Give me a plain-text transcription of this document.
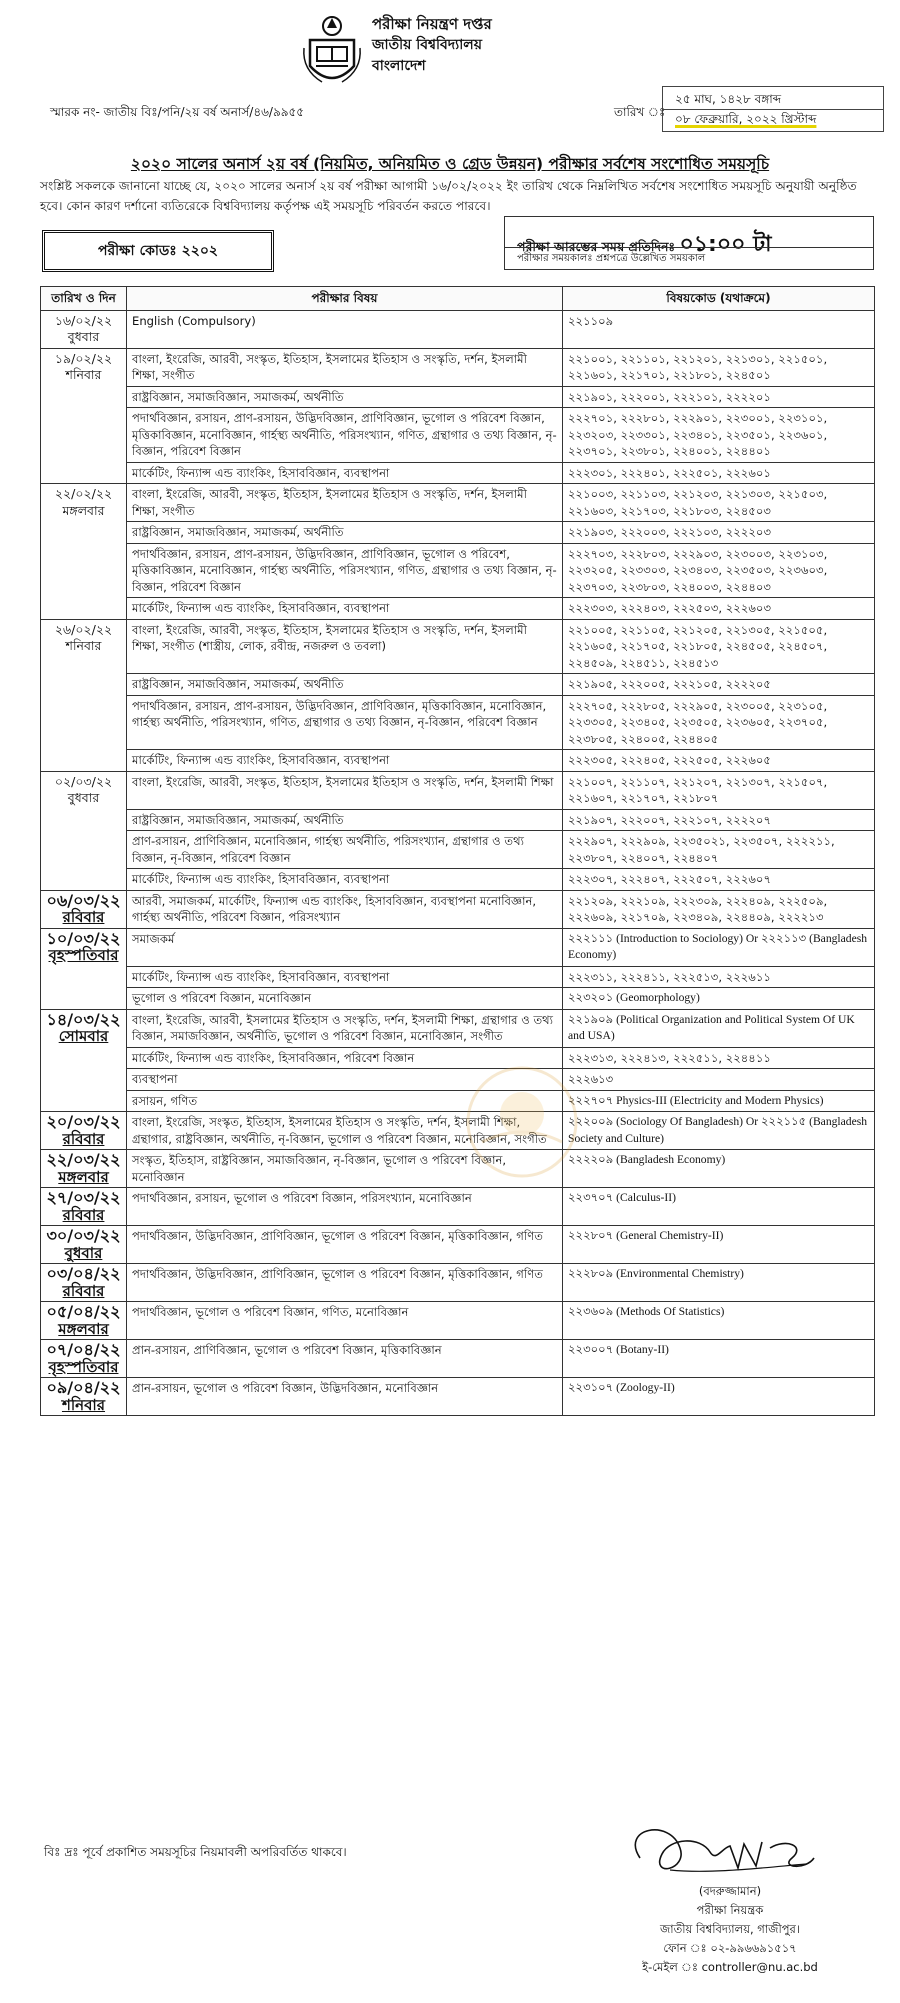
পরীক্ষা নিয়ন্ত্রণ দপ্তর
জাতীয় বিশ্ববিদ্যালয়
বাংলাদেশ
স্মারক নং- জাতীয় বিঃ/পনি/২য় বর্ষ অনার্স/৪৬/৯৯৫৫	তারিখ ঃ
২৫ মাঘ, ১৪২৮ বঙ্গাব্দ
০৮ ফেব্রুয়ারি, ২০২২ খ্রিস্টাব্দ
২০২০ সালের অনার্স ২য় বর্ষ (নিয়মিত, অনিয়মিত ও গ্রেড উন্নয়ন) পরীক্ষার সর্বশেষ সংশোধিত সময়সূচি
সংশ্লিষ্ট সকলকে জানানো যাচ্ছে যে, ২০২০ সালের অনার্স ২য় বর্ষ পরীক্ষা আগামী ১৬/০২/২০২২ ইং তারিখ থেকে নিম্নলিখিত সর্বশেষ সংশোধিত সময়সূচি অনুযায়ী অনুষ্ঠিত হবে। কোন কারণ দর্শানো ব্যতিরেকে বিশ্ববিদ্যালয় কর্তৃপক্ষ এই সময়সূচি পরিবর্তন করতে পারবে।
পরীক্ষা কোডঃ ২২০২	পরীক্ষা আরম্ভের সময় প্রতিদিনঃ ০১:০০ টা
পরীক্ষার সময়কালঃ প্রশ্নপত্রে উল্লেখিত সময়কাল
তারিখ ও দিন	পরীক্ষার বিষয়	বিষয়কোড (যথাক্রমে)

১৬/০২/২২
বুধবার	English (Compulsory)	২২১১০৯

১৯/০২/২২
শনিবার	বাংলা, ইংরেজি, আরবী, সংস্কৃত, ইতিহাস, ইসলামের ইতিহাস ও সংস্কৃতি, দর্শন, ইসলামী শিক্ষা, সংগীত	২২১০০১, ২২১১০১, ২২১২০১, ২২১৩০১, ২২১৫০১, ২২১৬০১, ২২১৭০১, ২২১৮০১, ২২৪৫০১
	রাষ্ট্রবিজ্ঞান, সমাজবিজ্ঞান, সমাজকর্ম, অর্থনীতি	২২১৯০১, ২২২০০১, ২২২১০১, ২২২২০১
	পদার্থবিজ্ঞান, রসায়ন, প্রাণ-রসায়ন, উদ্ভিদবিজ্ঞান, প্রাণিবিজ্ঞান, ভূগোল ও পরিবেশ বিজ্ঞান, মৃত্তিকাবিজ্ঞান, মনোবিজ্ঞান, গার্হস্থ্য অর্থনীতি, পরিসংখ্যান, গণিত, গ্রন্থাগার ও তথ্য বিজ্ঞান, নৃ-বিজ্ঞান, পরিবেশ বিজ্ঞান	২২২৭০১, ২২২৮০১, ২২২৯০১, ২২৩০০১, ২২৩১০১, ২২৩২০৩, ২২৩৩০১, ২২৩৪০১, ২২৩৫০১, ২২৩৬০১, ২২৩৭০১, ২২৩৮০১, ২২৪০০১, ২২৪৪০১
	মার্কেটিং, ফিন্যান্স এন্ড ব্যাংকিং, হিসাববিজ্ঞান, ব্যবস্থাপনা	২২২৩০১, ২২২৪০১, ২২২৫০১, ২২২৬০১

২২/০২/২২
মঙ্গলবার	বাংলা, ইংরেজি, আরবী, সংস্কৃত, ইতিহাস, ইসলামের ইতিহাস ও সংস্কৃতি, দর্শন, ইসলামী শিক্ষা, সংগীত	২২১০০৩, ২২১১০৩, ২২১২০৩, ২২১৩০৩, ২২১৫০৩, ২২১৬০৩, ২২১৭০৩, ২২১৮০৩, ২২৪৫০৩
	রাষ্ট্রবিজ্ঞান, সমাজবিজ্ঞান, সমাজকর্ম, অর্থনীতি	২২১৯০৩, ২২২০০৩, ২২২১০৩, ২২২২০৩
	পদার্থবিজ্ঞান, রসায়ন, প্রাণ-রসায়ন, উদ্ভিদবিজ্ঞান, প্রাণিবিজ্ঞান, ভূগোল ও পরিবেশ, মৃত্তিকাবিজ্ঞান, মনোবিজ্ঞান, গার্হস্থ্য অর্থনীতি, পরিসংখ্যান, গণিত, গ্রন্থাগার ও তথ্য বিজ্ঞান, নৃ-বিজ্ঞান, পরিবেশ বিজ্ঞান	২২২৭০৩, ২২২৮০৩, ২২২৯০৩, ২২৩০০৩, ২২৩১০৩, ২২৩২০৫, ২২৩৩০৩, ২২৩৪০৩, ২২৩৫০৩, ২২৩৬০৩, ২২৩৭০৩, ২২৩৮০৩, ২২৪০০৩, ২২৪৪০৩
	মার্কেটিং, ফিন্যান্স এন্ড ব্যাংকিং, হিসাববিজ্ঞান, ব্যবস্থাপনা	২২২৩০৩, ২২২৪০৩, ২২২৫০৩, ২২২৬০৩

২৬/০২/২২
শনিবার	বাংলা, ইংরেজি, আরবী, সংস্কৃত, ইতিহাস, ইসলামের ইতিহাস ও সংস্কৃতি, দর্শন, ইসলামী শিক্ষা, সংগীত (শাস্ত্রীয়, লোক, রবীন্দ্র, নজরুল ও তবলা)	২২১০০৫, ২২১১০৫, ২২১২০৫, ২২১৩০৫, ২২১৫০৫, ২২১৬০৫, ২২১৭০৫, ২২১৮০৫, ২২৪৫০৫, ২২৪৫০৭, ২২৪৫০৯, ২২৪৫১১, ২২৪৫১৩
	রাষ্ট্রবিজ্ঞান, সমাজবিজ্ঞান, সমাজকর্ম, অর্থনীতি	২২১৯০৫, ২২২০০৫, ২২২১০৫, ২২২২০৫
	পদার্থবিজ্ঞান, রসায়ন, প্রাণ-রসায়ন, উদ্ভিদবিজ্ঞান, প্রাণিবিজ্ঞান, মৃত্তিকাবিজ্ঞান, মনোবিজ্ঞান, গার্হস্থ্য অর্থনীতি, পরিসংখ্যান, গণিত, গ্রন্থাগার ও তথ্য বিজ্ঞান, নৃ-বিজ্ঞান, পরিবেশ বিজ্ঞান	২২২৭০৫, ২২২৮০৫, ২২২৯০৫, ২২৩০০৫, ২২৩১০৫, ২২৩৩০৫, ২২৩৪০৫, ২২৩৫০৫, ২২৩৬০৫, ২২৩৭০৫, ২২৩৮০৫, ২২৪০০৫, ২২৪৪০৫
	মার্কেটিং, ফিন্যান্স এন্ড ব্যাংকিং, হিসাববিজ্ঞান, ব্যবস্থাপনা	২২২৩০৫, ২২২৪০৫, ২২২৫০৫, ২২২৬০৫

০২/০৩/২২
বুধবার	বাংলা, ইংরেজি, আরবী, সংস্কৃত, ইতিহাস, ইসলামের ইতিহাস ও সংস্কৃতি, দর্শন, ইসলামী শিক্ষা	২২১০০৭, ২২১১০৭, ২২১২০৭, ২২১৩০৭, ২২১৫০৭, ২২১৬০৭, ২২১৭০৭, ২২১৮০৭
	রাষ্ট্রবিজ্ঞান, সমাজবিজ্ঞান, সমাজকর্ম, অর্থনীতি	২২১৯০৭, ২২২০০৭, ২২২১০৭, ২২২২০৭
	প্রাণ-রসায়ন, প্রাণিবিজ্ঞান, মনোবিজ্ঞান, গার্হস্থ্য অর্থনীতি, পরিসংখ্যান, গ্রন্থাগার ও তথ্য বিজ্ঞান, নৃ-বিজ্ঞান, পরিবেশ বিজ্ঞান	২২২৯০৭, ২২২৯০৯, ২২৩৫০২১, ২২৩৫০৭, ২২২২১১, ২২৩৮০৭, ২২৪০০৭, ২২৪৪০৭
	মার্কেটিং, ফিন্যান্স এন্ড ব্যাংকিং, হিসাববিজ্ঞান, ব্যবস্থাপনা	২২২৩০৭, ২২২৪০৭, ২২২৫০৭, ২২২৬০৭

০৬/০৩/২২
রবিবার	আরবী, সমাজকর্ম, মার্কেটিং, ফিন্যান্স এন্ড ব্যাংকিং, হিসাববিজ্ঞান, ব্যবস্থাপনা মনোবিজ্ঞান, গার্হস্থ্য অর্থনীতি, পরিবেশ বিজ্ঞান, পরিসংখ্যান	২২১২০৯, ২২২১০৯, ২২২৩০৯, ২২২৪০৯, ২২২৫০৯, ২২২৬০৯, ২২১৭০৯, ২২৩৪০৯, ২২৪৪০৯, ২২২২১৩

১০/০৩/২২
বৃহস্পতিবার	সমাজকর্ম	২২২১১১ (Introduction to Sociology) Or ২২২১১৩ (Bangladesh Economy)
	মার্কেটিং, ফিন্যান্স এন্ড ব্যাংকিং, হিসাববিজ্ঞান, ব্যবস্থাপনা	২২২৩১১, ২২২৪১১, ২২২৫১৩, ২২২৬১১
	ভূগোল ও পরিবেশ বিজ্ঞান, মনোবিজ্ঞান	২২৩২০১ (Geomorphology)

১৪/০৩/২২
সোমবার	বাংলা, ইংরেজি, আরবী, ইসলামের ইতিহাস ও সংস্কৃতি, দর্শন, ইসলামী শিক্ষা, গ্রন্থাগার ও তথ্য বিজ্ঞান, সমাজবিজ্ঞান, অর্থনীতি, ভূগোল ও পরিবেশ বিজ্ঞান, মনোবিজ্ঞান, সংগীত	২২১৯০৯ (Political Organization and Political System Of UK and USA)
	মার্কেটিং, ফিন্যান্স এন্ড ব্যাংকিং, হিসাববিজ্ঞান, পরিবেশ বিজ্ঞান	২২২৩১৩, ২২২৪১৩, ২২২৫১১, ২২৪৪১১
	ব্যবস্থাপনা	২২২৬১৩
	রসায়ন, গণিত	২২২৭০৭ Physics-III (Electricity and Modern Physics)

২০/০৩/২২
রবিবার	বাংলা, ইংরেজি, সংস্কৃত, ইতিহাস, ইসলামের ইতিহাস ও সংস্কৃতি, দর্শন, ইসলামী শিক্ষা, গ্রন্থাগার, রাষ্ট্রবিজ্ঞান, অর্থনীতি, নৃ-বিজ্ঞান, ভূগোল ও পরিবেশ বিজ্ঞান, মনোবিজ্ঞান, সংগীত	২২২০০৯ (Sociology Of Bangladesh) Or ২২২১১৫ (Bangladesh Society and Culture)

২২/০৩/২২
মঙ্গলবার	সংস্কৃত, ইতিহাস, রাষ্ট্রবিজ্ঞান, সমাজবিজ্ঞান, নৃ-বিজ্ঞান, ভূগোল ও পরিবেশ বিজ্ঞান, মনোবিজ্ঞান	২২২২০৯ (Bangladesh Economy)

২৭/০৩/২২
রবিবার	পদার্থবিজ্ঞান, রসায়ন, ভূগোল ও পরিবেশ বিজ্ঞান, পরিসংখ্যান, মনোবিজ্ঞান	২২৩৭০৭ (Calculus-II)

৩০/০৩/২২
বুধবার	পদার্থবিজ্ঞান, উদ্ভিদবিজ্ঞান, প্রাণিবিজ্ঞান, ভূগোল ও পরিবেশ বিজ্ঞান, মৃত্তিকাবিজ্ঞান, গণিত	২২২৮০৭ (General Chemistry-II)

০৩/০৪/২২
রবিবার	পদার্থবিজ্ঞান, উদ্ভিদবিজ্ঞান, প্রাণিবিজ্ঞান, ভূগোল ও পরিবেশ বিজ্ঞান, মৃত্তিকাবিজ্ঞান, গণিত	২২২৮০৯ (Environmental Chemistry)

০৫/০৪/২২
মঙ্গলবার	পদার্থবিজ্ঞান, ভূগোল ও পরিবেশ বিজ্ঞান, গণিত, মনোবিজ্ঞান	২২৩৬০৯ (Methods Of Statistics)

০৭/০৪/২২
বৃহস্পতিবার	প্রান-রসায়ন, প্রাণিবিজ্ঞান, ভূগোল ও পরিবেশ বিজ্ঞান, মৃত্তিকাবিজ্ঞান	২২৩০০৭ (Botany-II)

০৯/০৪/২২
শনিবার	প্রান-রসায়ন, ভূগোল ও পরিবেশ বিজ্ঞান, উদ্ভিদবিজ্ঞান, মনোবিজ্ঞান	২২৩১০৭ (Zoology-II)
বিঃ দ্রঃ পূর্বে প্রকাশিত সময়সূচির নিয়মাবলী অপরিবর্তিত থাকবে।
(বদরুজ্জামান)
পরীক্ষা নিয়ন্ত্রক
জাতীয় বিশ্ববিদ্যালয়, গাজীপুর।
ফোন ঃ ০২-৯৯৬৬৯১৫১৭
ই-মেইল ঃ controller@nu.ac.bd
